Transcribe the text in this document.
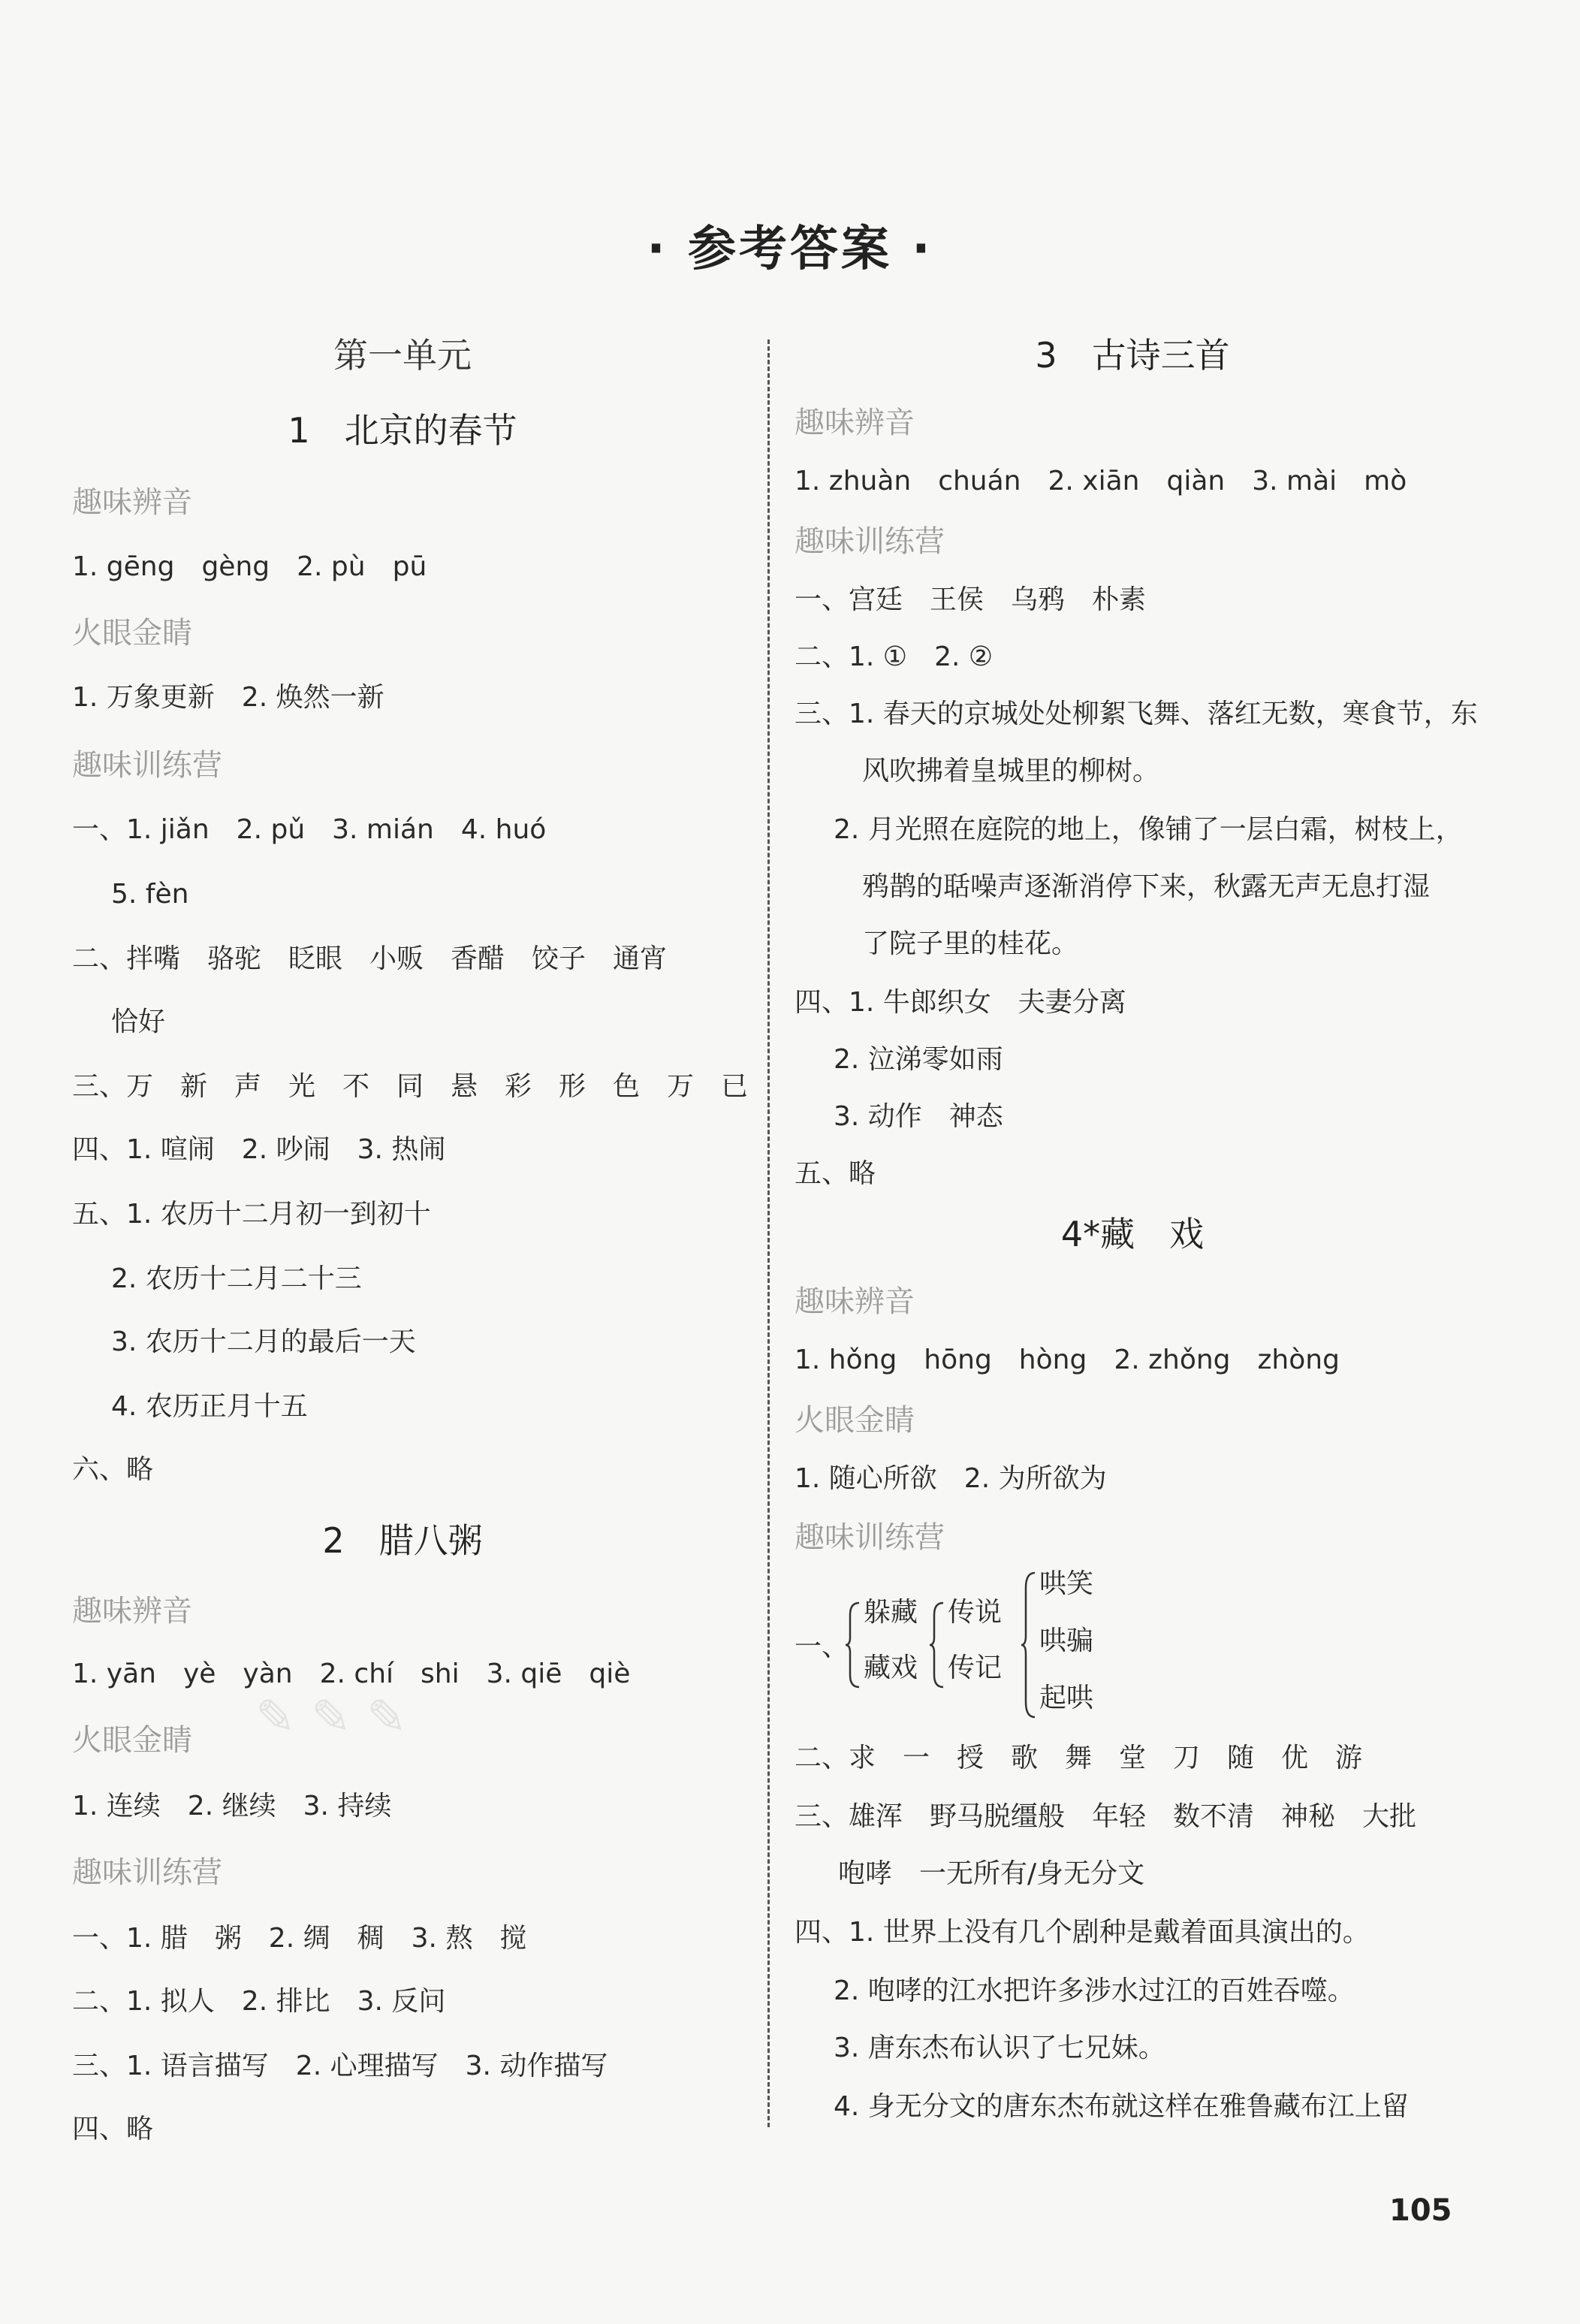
· 参考答案 ·
✎ ✎ ✎
第一单元
1　北京的春节
趣味辨音
1. gēng　gèng　2. pù　pū
火眼金睛
1. 万象更新　2. 焕然一新
趣味训练营
一、1. jiǎn　2. pǔ　3. mián　4. huó
5. fèn
二、拌嘴　骆驼　眨眼　小贩　香醋　饺子　通宵
恰好
三、万　新　声　光　不　同　悬　彩　形　色　万　已
四、1. 喧闹　2. 吵闹　3. 热闹
五、1. 农历十二月初一到初十
2. 农历十二月二十三
3. 农历十二月的最后一天
4. 农历正月十五
六、略
2　腊八粥
趣味辨音
1. yān　yè　yàn　2. chí　shi　3. qiē　qiè
火眼金睛
1. 连续　2. 继续　3. 持续
趣味训练营
一、1. 腊　粥　2. 绸　稠　3. 熬　搅
二、1. 拟人　2. 排比　3. 反问
三、1. 语言描写　2. 心理描写　3. 动作描写
四、略
3　古诗三首
趣味辨音
1. zhuàn　chuán　2. xiān　qiàn　3. mài　mò
趣味训练营
一、宫廷　王侯　乌鸦　朴素
二、1. ①　2. ②
三、1. 春天的京城处处柳絮飞舞、落红无数，寒食节，东
风吹拂着皇城里的柳树。
2. 月光照在庭院的地上，像铺了一层白霜，树枝上，
鸦鹊的聒噪声逐渐消停下来，秋露无声无息打湿
了院子里的桂花。
四、1. 牛郎织女　夫妻分离
2. 泣涕零如雨
3. 动作　神态
五、略
4*藏　戏
趣味辨音
1. hǒng　hōng　hòng　2. zhǒng　zhòng
火眼金睛
1. 随心所欲　2. 为所欲为
趣味训练营
一、
躲藏
藏戏
传说
传记
哄笑
哄骗
起哄
二、求　一　授　歌　舞　堂　刀　随　优　游
三、雄浑　野马脱缰般　年轻　数不清　神秘　大批
咆哮　一无所有/身无分文
四、1. 世界上没有几个剧种是戴着面具演出的。
2. 咆哮的江水把许多涉水过江的百姓吞噬。
3. 唐东杰布认识了七兄妹。
4. 身无分文的唐东杰布就这样在雅鲁藏布江上留
105
